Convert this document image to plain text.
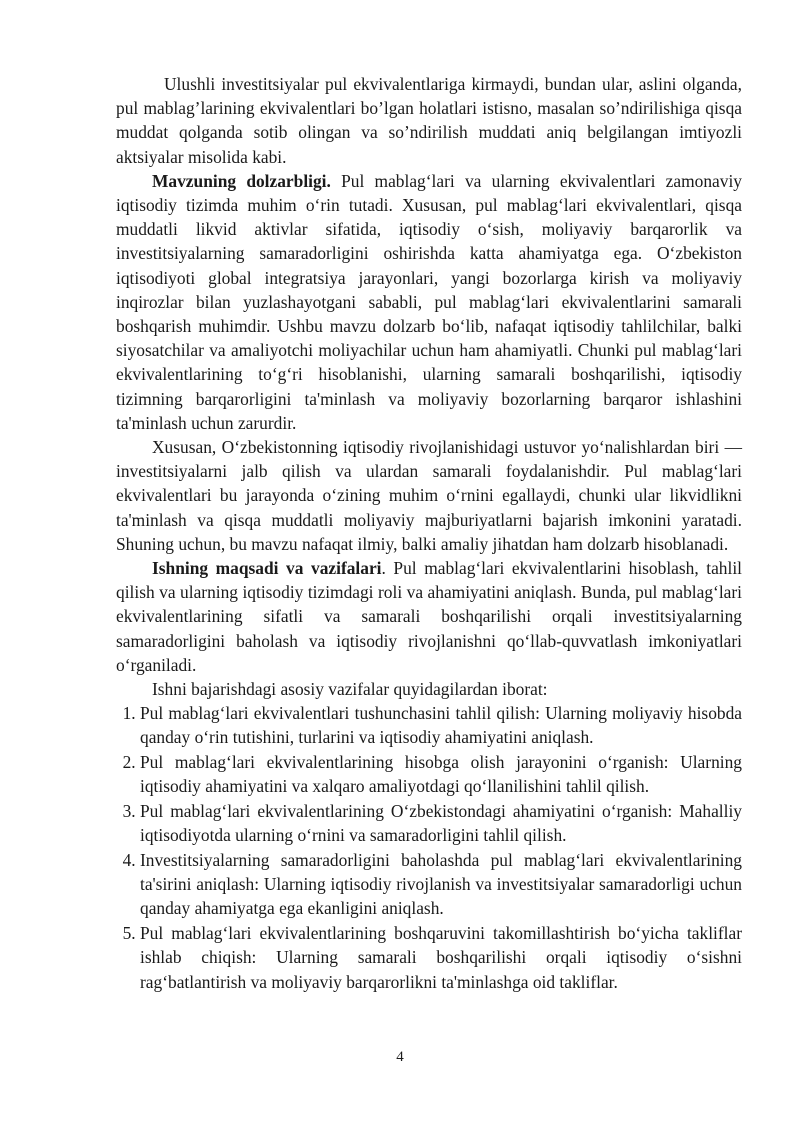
Ulushli investitsiyalar pul ekvivalentlariga kirmaydi, bundan ular, aslini olganda, pul mablag’larining ekvivalentlari bo’lgan holatlari istisno, masalan so’ndirilishiga qisqa muddat qolganda sotib olingan va so’ndirilish muddati aniq belgilangan imtiyozli aktsiyalar misolida kabi.

Mavzuning dolzarbligi. Pul mablag‘lari va ularning ekvivalentlari zamonaviy iqtisodiy tizimda muhim o‘rin tutadi. Xususan, pul mablag‘lari ekvivalentlari, qisqa muddatli likvid aktivlar sifatida, iqtisodiy o‘sish, moliyaviy barqarorlik va investitsiyalarning samaradorligini oshirishda katta ahamiyatga ega. O‘zbekiston iqtisodiyoti global integratsiya jarayonlari, yangi bozorlarga kirish va moliyaviy inqirozlar bilan yuzlashayotgani sababli, pul mablag‘lari ekvivalentlarini samarali boshqarish muhimdir. Ushbu mavzu dolzarb bo‘lib, nafaqat iqtisodiy tahlilchilar, balki siyosatchilar va amaliyotchi moliyachilar uchun ham ahamiyatli. Chunki pul mablag‘lari ekvivalentlarining to‘g‘ri hisoblanishi, ularning samarali boshqarilishi, iqtisodiy tizimning barqarorligini ta'minlash va moliyaviy bozorlarning barqaror ishlashini ta'minlash uchun zarurdir.

Xususan, O‘zbekistonning iqtisodiy rivojlanishidagi ustuvor yo‘nalishlardan biri — investitsiyalarni jalb qilish va ulardan samarali foydalanishdir. Pul mablag‘lari ekvivalentlari bu jarayonda o‘zining muhim o‘rnini egallaydi, chunki ular likvidlikni ta'minlash va qisqa muddatli moliyaviy majburiyatlarni bajarish imkonini yaratadi. Shuning uchun, bu mavzu nafaqat ilmiy, balki amaliy jihatdan ham dolzarb hisoblanadi.

Ishning maqsadi va vazifalari. Pul mablag‘lari ekvivalentlarini hisoblash, tahlil qilish va ularning iqtisodiy tizimdagi roli va ahamiyatini aniqlash. Bunda, pul mablag‘lari ekvivalentlarining sifatli va samarali boshqarilishi orqali investitsiyalarning samaradorligini baholash va iqtisodiy rivojlanishni qo‘llab-quvvatlash imkoniyatlari o‘rganiladi.

Ishni bajarishdagi asosiy vazifalar quyidagilardan iborat:

1. Pul mablag‘lari ekvivalentlari tushunchasini tahlil qilish: Ularning moliyaviy hisobda qanday o‘rin tutishini, turlarini va iqtisodiy ahamiyatini aniqlash.
2. Pul mablag‘lari ekvivalentlarining hisobga olish jarayonini o‘rganish: Ularning iqtisodiy ahamiyatini va xalqaro amaliyotdagi qo‘llanilishini tahlil qilish.
3. Pul mablag‘lari ekvivalentlarining O‘zbekistondagi ahamiyatini o‘rganish: Mahalliy iqtisodiyotda ularning o‘rnini va samaradorligini tahlil qilish.
4. Investitsiyalarning samaradorligini baholashda pul mablag‘lari ekvivalentlarining ta'sirini aniqlash: Ularning iqtisodiy rivojlanish va investitsiyalar samaradorligi uchun qanday ahamiyatga ega ekanligini aniqlash.
5. Pul mablag‘lari ekvivalentlarining boshqaruvini takomillashtirish bo‘yicha takliflar ishlab chiqish: Ularning samarali boshqarilishi orqali iqtisodiy o‘sishni rag‘batlantirish va moliyaviy barqarorlikni ta'minlashga oid takliflar.
4
